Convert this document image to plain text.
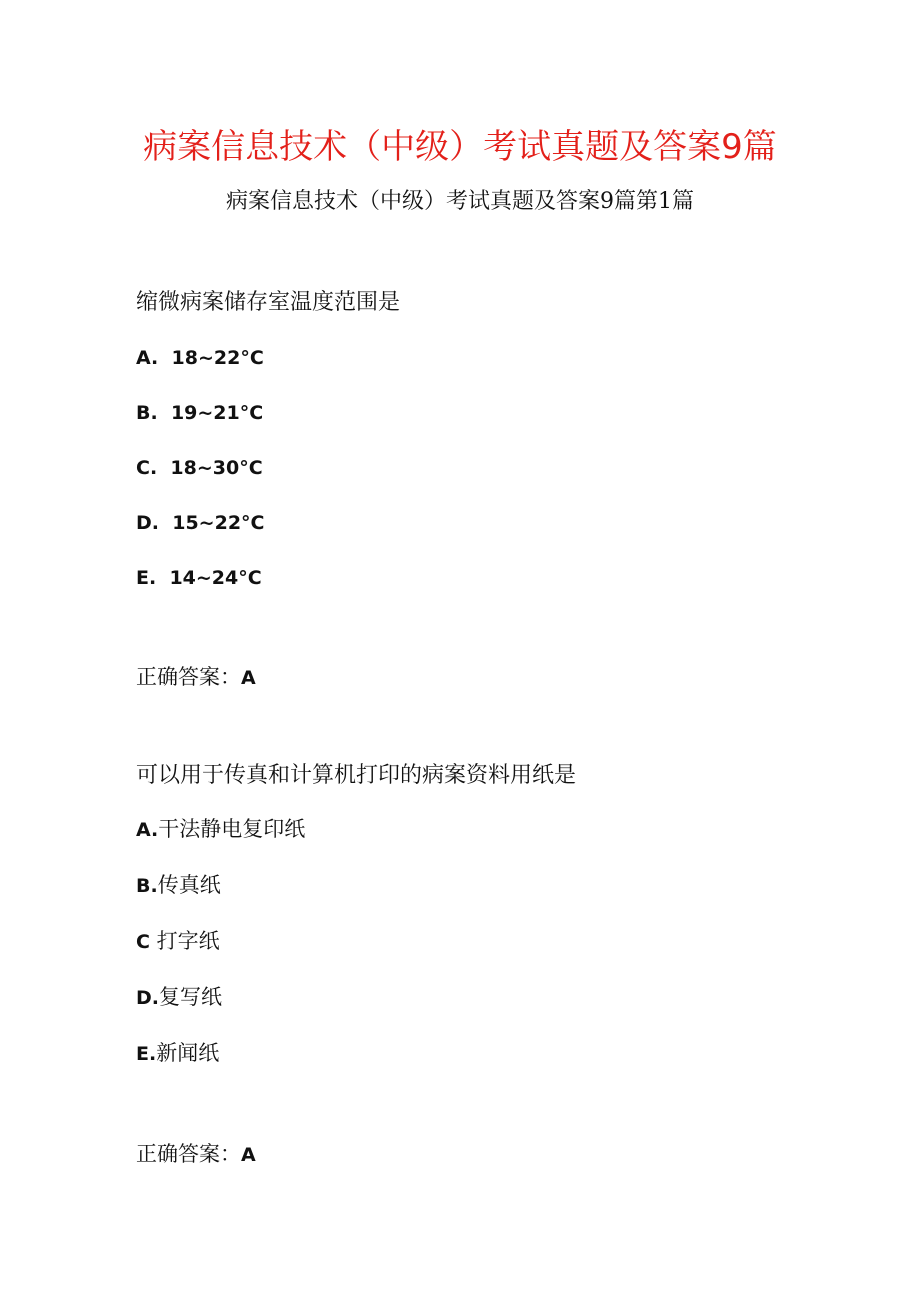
病案信息技术（中级）考试真题及答案9篇
病案信息技术（中级）考试真题及答案9篇第1篇
缩微病案储存室温度范围是
A. 18~22°C
B. 19~21°C
C. 18~30°C
D. 15~22°C
E. 14~24°C
正确答案：A
可以用于传真和计算机打印的病案资料用纸是
A.干法静电复印纸
B.传真纸
C 打字纸
D.复写纸
E.新闻纸
正确答案：A
